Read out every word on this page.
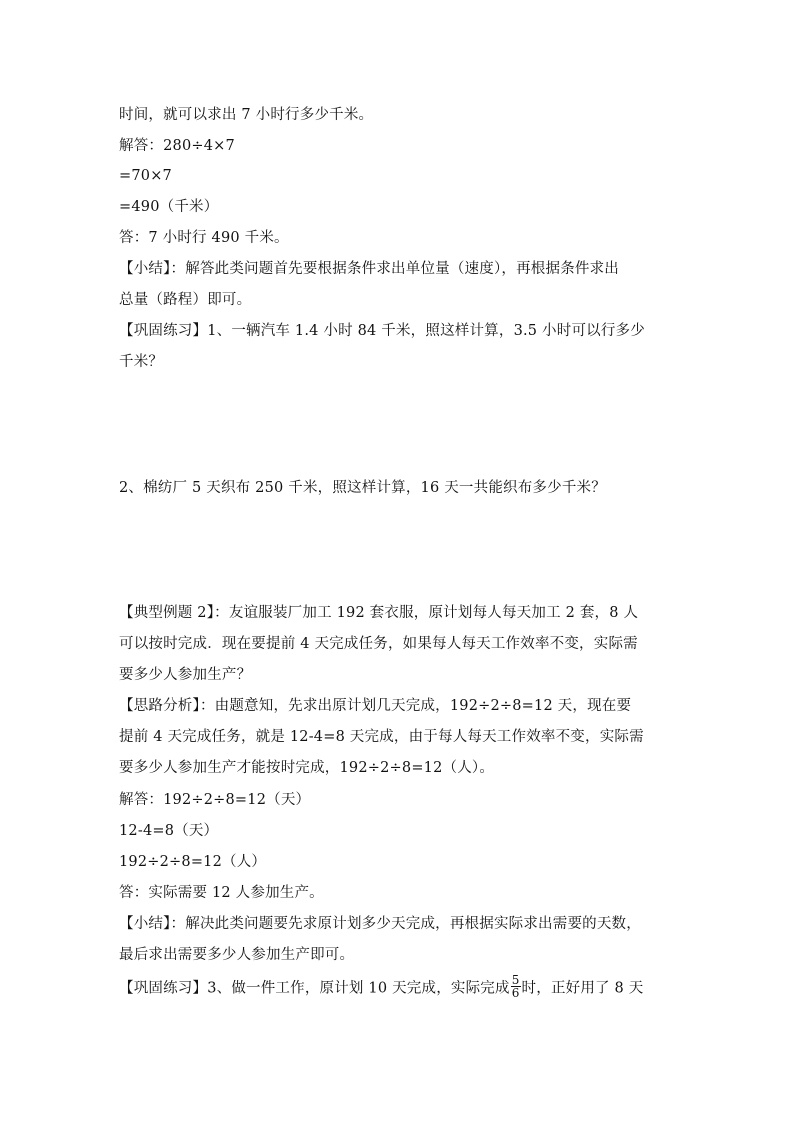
时间，就可以求出 7 小时行多少千米。
解答：280÷4×7
=70×7
=490（千米）
答：7 小时行 490 千米。
【小结】：解答此类问题首先要根据条件求出单位量（速度），再根据条件求出
总量（路程）即可。
【巩固练习】1、一辆汽车 1.4 小时 84 千米，照这样计算，3.5 小时可以行多少
千米？
2、棉纺厂 5 天织布 250 千米，照这样计算，16 天一共能织布多少千米？
【典型例题 2】：友谊服装厂加工 192 套衣服，原计划每人每天加工 2 套，8 人
可以按时完成．现在要提前 4 天完成任务，如果每人每天工作效率不变，实际需
要多少人参加生产？
【思路分析】：由题意知，先求出原计划几天完成，192÷2÷8=12 天，现在要
提前 4 天完成任务，就是 12-4=8 天完成，由于每人每天工作效率不变，实际需
要多少人参加生产才能按时完成，192÷2÷8=12（人）。
解答：192÷2÷8=12（天）
12-4=8（天）
192÷2÷8=12（人）
答：实际需要 12 人参加生产。
【小结】：解决此类问题要先求原计划多少天完成，再根据实际求出需要的天数，
最后求出需要多少人参加生产即可。
【巩固练习】3、做一件工作，原计划 10 天完成，实际完成 $\frac{5}{6}$ 时，正好用了 8 天
